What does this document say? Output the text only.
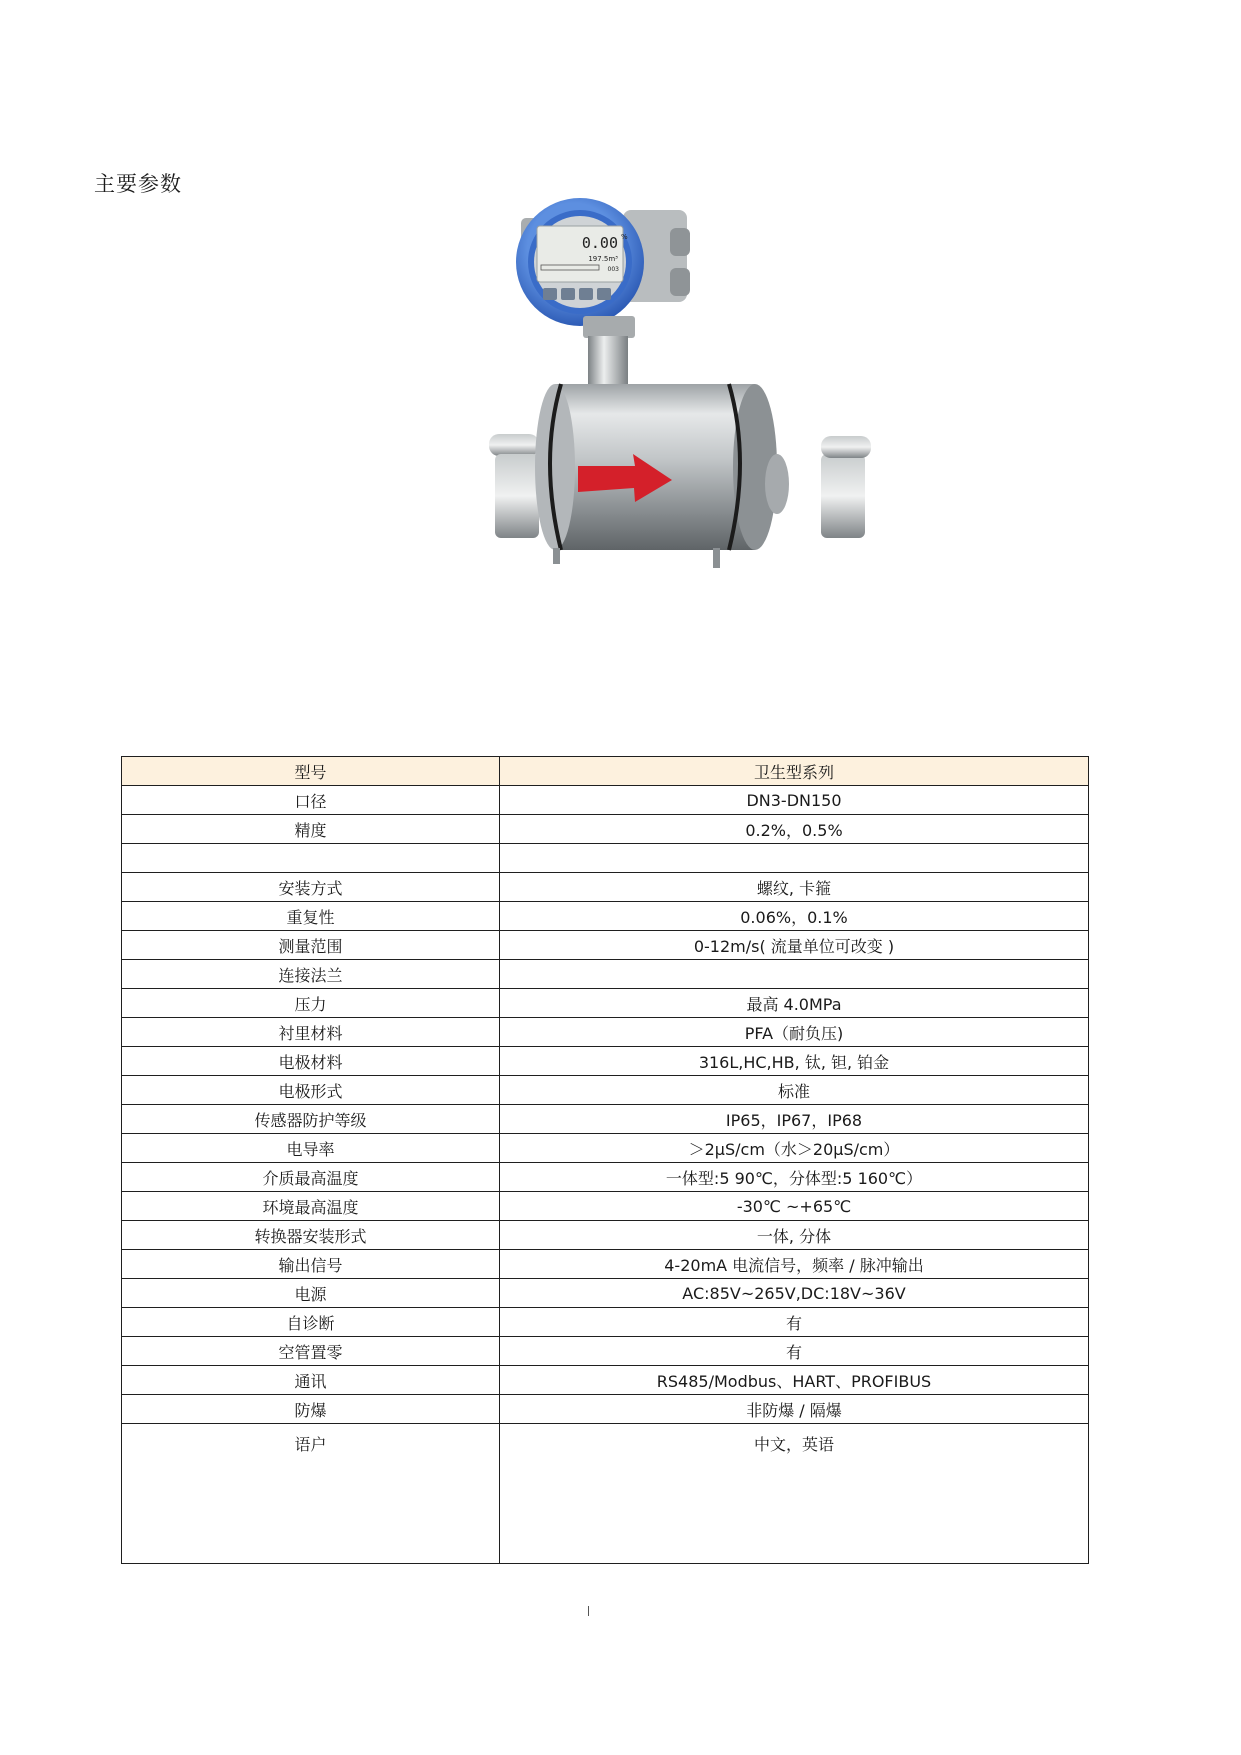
主要参数
0.00 %
197.5m³
003
型号	卫生型系列
口径	DN3-DN150
精度	0.2%，0.5%

安装方式	螺纹, 卡箍
重复性	0.06%，0.1%
测量范围	0-12m/s( 流量单位可改变 )
连接法兰	
压力	最高 4.0MPa
衬里材料	PFA（耐负压)
电极材料	316L,HC,HB, 钛, 钽, 铂金
电极形式	标准
传感器防护等级	IP65，IP67，IP68
电导率	＞2μS/cm（水＞20μS/cm）
介质最高温度	一体型:5 90℃，分体型:5 160℃）
环境最高温度	-30℃ ~+65℃
转换器安装形式	一体, 分体
输出信号	4-20mA 电流信号，频率 / 脉冲输出
电源	AC:85V~265V,DC:18V~36V
自诊断	有
空管置零	有
通讯	RS485/Modbus、HART、PROFIBUS
防爆	非防爆 / 隔爆
语户	中文，英语
